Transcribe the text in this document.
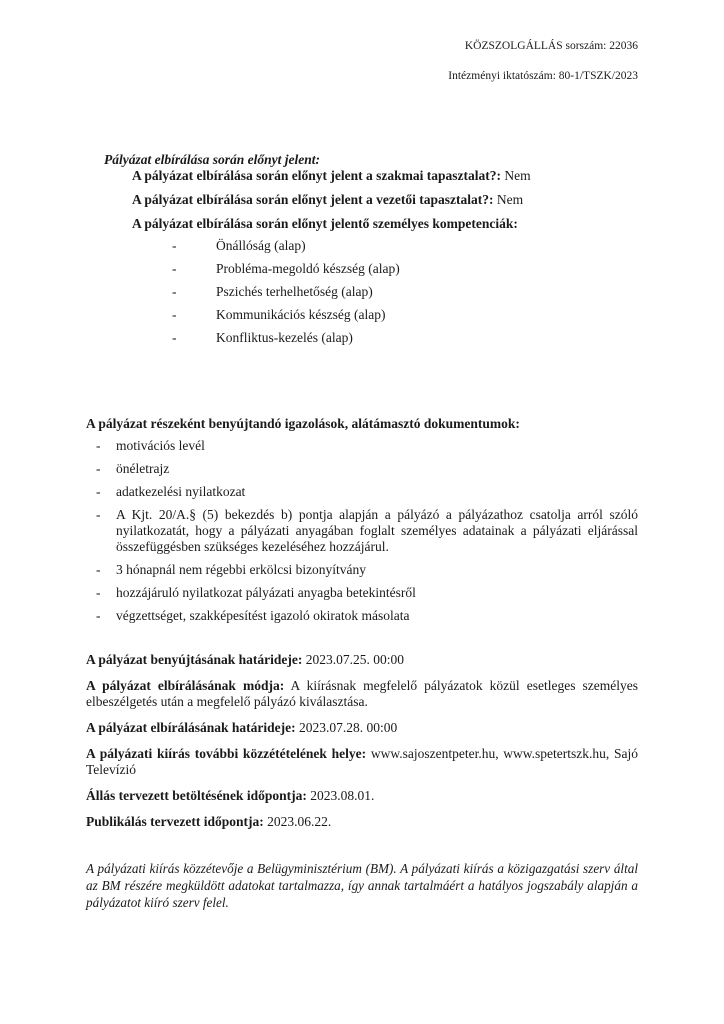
KÖZSZOLGÁLLÁS sorszám: 22036
Intézményi iktatószám: 80-1/TSZK/2023
Pályázat elbírálása során előnyt jelent:
A pályázat elbírálása során előnyt jelent a szakmai tapasztalat?: Nem
A pályázat elbírálása során előnyt jelent a vezetői tapasztalat?: Nem
A pályázat elbírálása során előnyt jelentő személyes kompetenciák:
-	Önállóság (alap)
-	Probléma-megoldó készség (alap)
-	Pszichés terhelhetőség (alap)
-	Kommunikációs készség (alap)
-	Konfliktus-kezelés (alap)
A pályázat részeként benyújtandó igazolások, alátámasztó dokumentumok:
-	motivációs levél
-	önéletrajz
-	adatkezelési nyilatkozat
-	A Kjt. 20/A.§ (5) bekezdés b) pontja alapján a pályázó a pályázathoz csatolja arról szóló nyilatkozatát, hogy a pályázati anyagában foglalt személyes adatainak a pályázati eljárással összefüggésben szükséges kezeléséhez hozzájárul.
-	3 hónapnál nem régebbi erkölcsi bizonyítvány
-	hozzájáruló nyilatkozat pályázati anyagba betekintésről
-	végzettséget, szakképesítést igazoló okiratok másolata

A pályázat benyújtásának határideje: 2023.07.25. 00:00

A pályázat elbírálásának módja: A kiírásnak megfelelő pályázatok közül esetleges személyes elbeszélgetés után a megfelelő pályázó kiválasztása.

A pályázat elbírálásának határideje: 2023.07.28. 00:00

A pályázati kiírás további közzétételének helye: www.sajoszentpeter.hu, www.spetertszk.hu, Sajó Televízió

Állás tervezett betöltésének időpontja: 2023.08.01.

Publikálás tervezett időpontja: 2023.06.22.

A pályázati kiírás közzétevője a Belügyminisztérium (BM). A pályázati kiírás a közigazgatási szerv által az BM részére megküldött adatokat tartalmazza, így annak tartalmáért a hatályos jogszabály alapján a pályázatot kiíró szerv felel.
